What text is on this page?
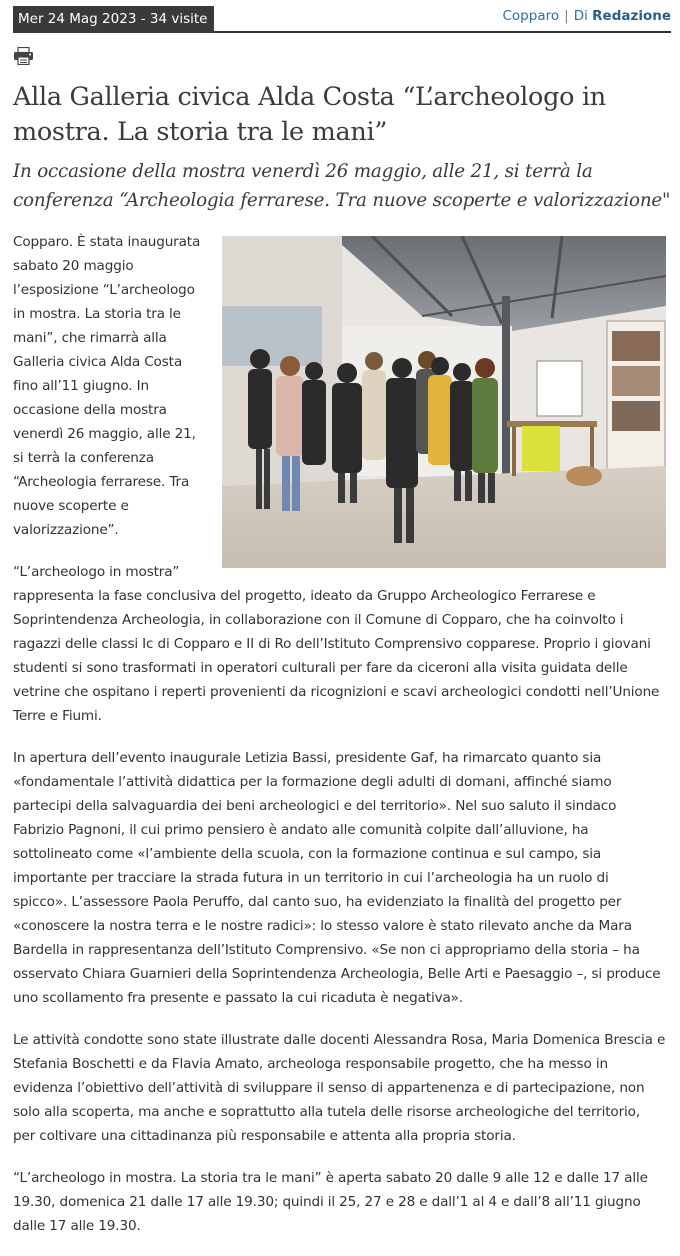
Mer 24 Mag 2023 - 34 visite	Copparo | Di Redazione
Alla Galleria civica Alda Costa “L’archeologo in mostra. La storia tra le mani”
In occasione della mostra venerdì 26 maggio, alle 21, si terrà la conferenza “Archeologia ferrarese. Tra nuove scoperte e valorizzazione"

Copparo. È stata inaugurata sabato 20 maggio l’esposizione “L’archeologo in mostra. La storia tra le mani”, che rimarrà alla Galleria civica Alda Costa fino all’11 giugno. In occasione della mostra venerdì 26 maggio, alle 21, si terrà la conferenza “Archeologia ferrarese. Tra nuove scoperte e valorizzazione”.

“L’archeologo in mostra” rappresenta la fase conclusiva del progetto, ideato da Gruppo Archeologico Ferrarese e Soprintendenza Archeologia, in collaborazione con il Comune di Copparo, che ha coinvolto i ragazzi delle classi Ic di Copparo e II di Ro dell’Istituto Comprensivo copparese. Proprio i giovani studenti si sono trasformati in operatori culturali per fare da ciceroni alla visita guidata delle vetrine che ospitano i reperti provenienti da ricognizioni e scavi archeologici condotti nell’Unione Terre e Fiumi.

In apertura dell’evento inaugurale Letizia Bassi, presidente Gaf, ha rimarcato quanto sia «fondamentale l’attività didattica per la formazione degli adulti di domani, affinché siamo partecipi della salvaguardia dei beni archeologici e del territorio». Nel suo saluto il sindaco Fabrizio Pagnoni, il cui primo pensiero è andato alle comunità colpite dall’alluvione, ha sottolineato come «l’ambiente della scuola, con la formazione continua e sul campo, sia importante per tracciare la strada futura in un territorio in cui l’archeologia ha un ruolo di spicco». L’assessore Paola Peruffo, dal canto suo, ha evidenziato la finalità del progetto per «conoscere la nostra terra e le nostre radici»: lo stesso valore è stato rilevato anche da Mara Bardella in rappresentanza dell’Istituto Comprensivo. «Se non ci appropriamo della storia – ha osservato Chiara Guarnieri della Soprintendenza Archeologia, Belle Arti e Paesaggio –, si produce uno scollamento fra presente e passato la cui ricaduta è negativa».

Le attività condotte sono state illustrate dalle docenti Alessandra Rosa, Maria Domenica Brescia e Stefania Boschetti e da Flavia Amato, archeologa responsabile progetto, che ha messo in evidenza l’obiettivo dell’attività di sviluppare il senso di appartenenza e di partecipazione, non solo alla scoperta, ma anche e soprattutto alla tutela delle risorse archeologiche del territorio, per coltivare una cittadinanza più responsabile e attenta alla propria storia.

“L’archeologo in mostra. La storia tra le mani” è aperta sabato 20 dalle 9 alle 12 e dalle 17 alle 19.30, domenica 21 dalle 17 alle 19.30; quindi il 25, 27 e 28 e dall’1 al 4 e dall’8 all’11 giugno dalle 17 alle 19.30.
